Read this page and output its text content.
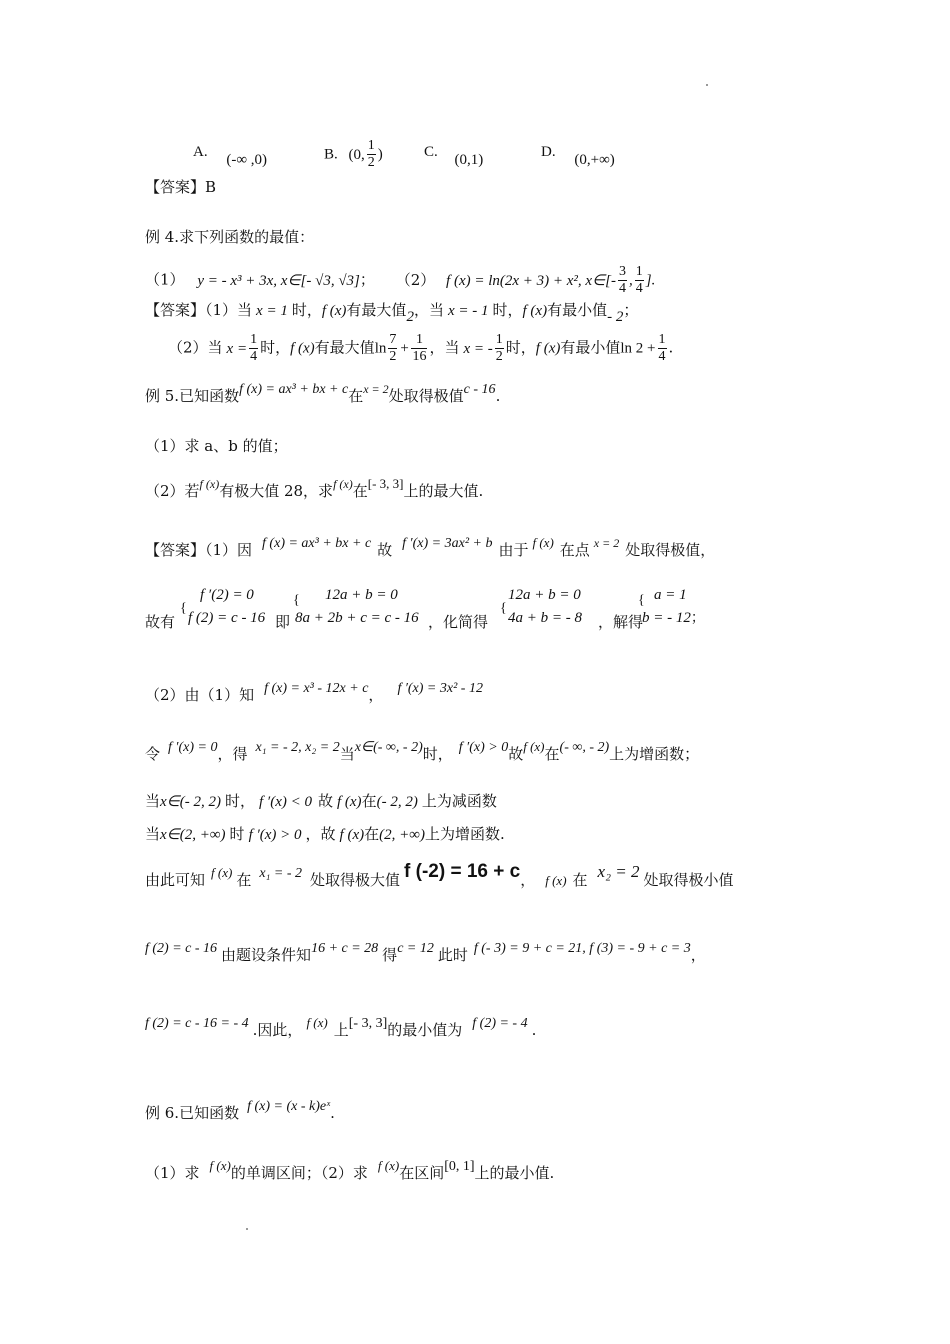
A. (-∞ ,0)	B. (0, $\frac{1}{2}$ )	C. (0,1)	D. (0,+∞)
【答案】B
例 4.求下列函数的最值：
（1） y = - x³ + 3x, x∈[- √3, √3]； （2） f (x) = ln(2x + 3) + x², x∈[- $\frac{3}{4}$ , $\frac{1}{4}$ ].
【答案】（1）当 x = 1 时，f (x)有最大值2，当 x = - 1 时，f (x)有最小值- 2；
（2）当 $x = \frac{1}{4}$ 时，f (x)有最大值$\ln \frac{7}{2} + \frac{1}{16}$ ，当 x = - $\frac{1}{2}$ 时，f (x)有最小值$\ln 2 + \frac{1}{4}$ .
例 5.已知函数f (x) = ax³ + bx + c在$^{x = 2}$处取得极值c - 16.
（1）求 a、b 的值；
（2）若$^{f (x)}$有极大值 28，求$^{f (x)}$在[- 3, 3]上的最大值.
【答案】（1）因 f (x) = ax³ + bx + c 故 f ′(x) = 3ax² + b 由于 f (x) 在点 $^{x = 2}$ 处取得极值，
故有
{
f ′(2) = 0
f (2) = c - 16 即
{ 12a + b = 0
8a + 2b + c = c - 16 ，化简得
{
12a + b = 0
4a + b = - 8 ，解得
{ a = 1
b = - 12；
（2）由（1）知 f (x) = x³ - 12x + c， f ′(x) = 3x² - 12
令 f ′(x) = 0，得 x₁ = - 2, x₂ = 2当x∈(- ∞, - 2)时， f ′(x) > 0故f (x)在(- ∞, - 2)上为增函数；
当x∈(- 2, 2) 时， f ′(x) < 0 故 f (x)在(- 2, 2) 上为减函数
当x∈(2, +∞) 时 f ′(x) > 0 ，故 f (x)在(2, +∞)上为增函数.
由此可知 f (x) 在 x₁ = - 2 处取得极大值 f (-2) = 16 + c， f (x) 在 x₂ = 2 处取得极小值
f (2) = c - 16 由题设条件知16 + c = 28 得c = 12 此时 f (- 3) = 9 + c = 21, f (3) = - 9 + c = 3，
f (2) = c - 16 = - 4 .因此， f (x) 上[- 3, 3]的最小值为 f (2) = - 4 .
例 6.已知函数 f (x) = (x - k)eˣ.
（1）求 f (x)的单调区间；（2）求 f (x)在区间[0, 1]上的最小值.
